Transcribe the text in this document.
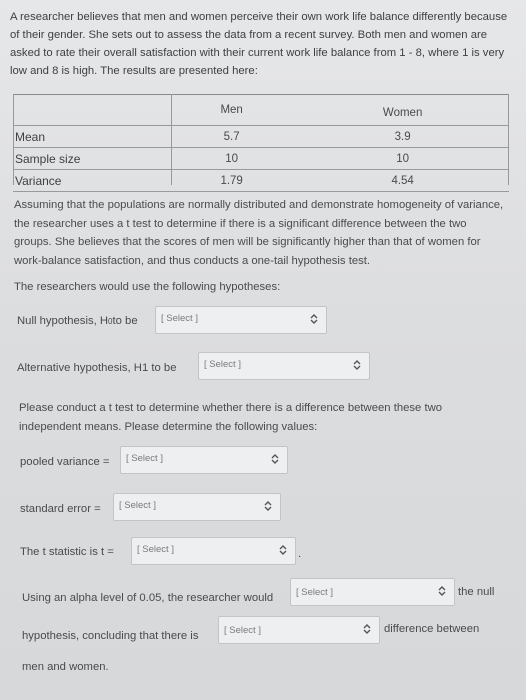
A researcher believes that men and women perceive their own work life balance differently because of their gender. She sets out to assess the data from a recent survey. Both men and women are asked to rate their overall satisfaction with their current work life balance from 1 - 8, where 1 is very low and 8 is high. The results are presented here:
	Men	Women
Mean	5.7	3.9
Sample size	10	10
Variance	1.79	4.54
Assuming that the populations are normally distributed and demonstrate homogeneity of variance, the researcher uses a t test to determine if there is a significant difference between the two groups. She believes that the scores of men will be significantly higher than that of women for work-balance satisfaction, and thus conducts a one-tail hypothesis test.
The researchers would use the following hypotheses:
Null hypothesis, H 0 to be [ Select ]
Alternative hypothesis, H1 to be	[ Select ]
Please conduct a t test to determine whether there is a difference between these two independent means. Please determine the following values:
pooled variance = [ Select ]
standard error = [ Select ]
The t statistic is t = [ Select ]	.
Using an alpha level of 0.05, the researcher would [ Select ]	the null
hypothesis, concluding that there is	[ Select ]	difference between
men and women.
